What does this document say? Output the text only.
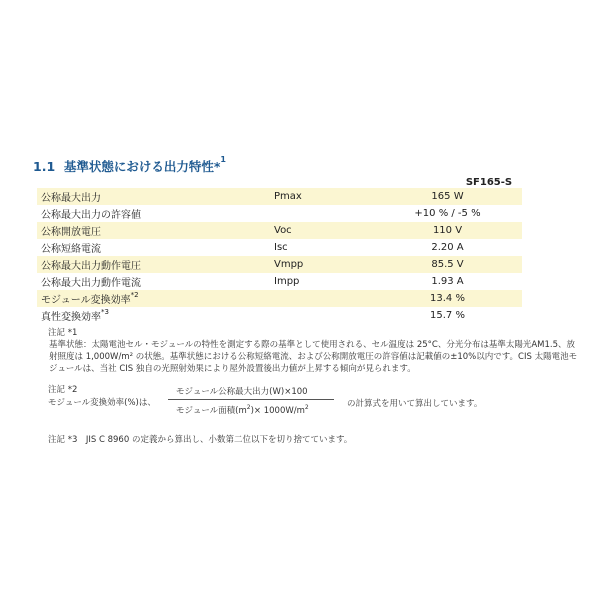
1.1 基準状態における出力特性*$^1$
SF165-S
公称最大出力	Pmax	165 W
公称最大出力の許容値		+10 % / -5 %
公称開放電圧	Voc	110 V
公称短絡電流	Isc	2.20 A
公称最大出力動作電圧	Vmpp	85.5 V
公称最大出力動作電流	Impp	1.93 A
モジュール変換効率$^{*2}$		13.4 %
真性変換効率$^{*3}$		15.7 %
注記 *1
基準状態：太陽電池セル・モジュールの特性を測定する際の基準として使用される、セル温度は 25°C、分光分布は基準太陽光AM1.5、放射照度は 1,000W/m² の状態。基準状態における公称短絡電流、および公称開放電圧の許容値は記載値の±10%以内です。CIS 太陽電池モジュールは、当社 CIS 独自の光照射効果により屋外設置後出力値が上昇する傾向が見られます。
注記 *2
モジュール変換効率(%)は、
モジュール公称最大出力(W)×100
モジュール面積$(m^2)\times 1000W/m^2$	の計算式を用いて算出しています。
注記 *3　JIS C 8960 の定義から算出し、小数第二位以下を切り捨てています。
